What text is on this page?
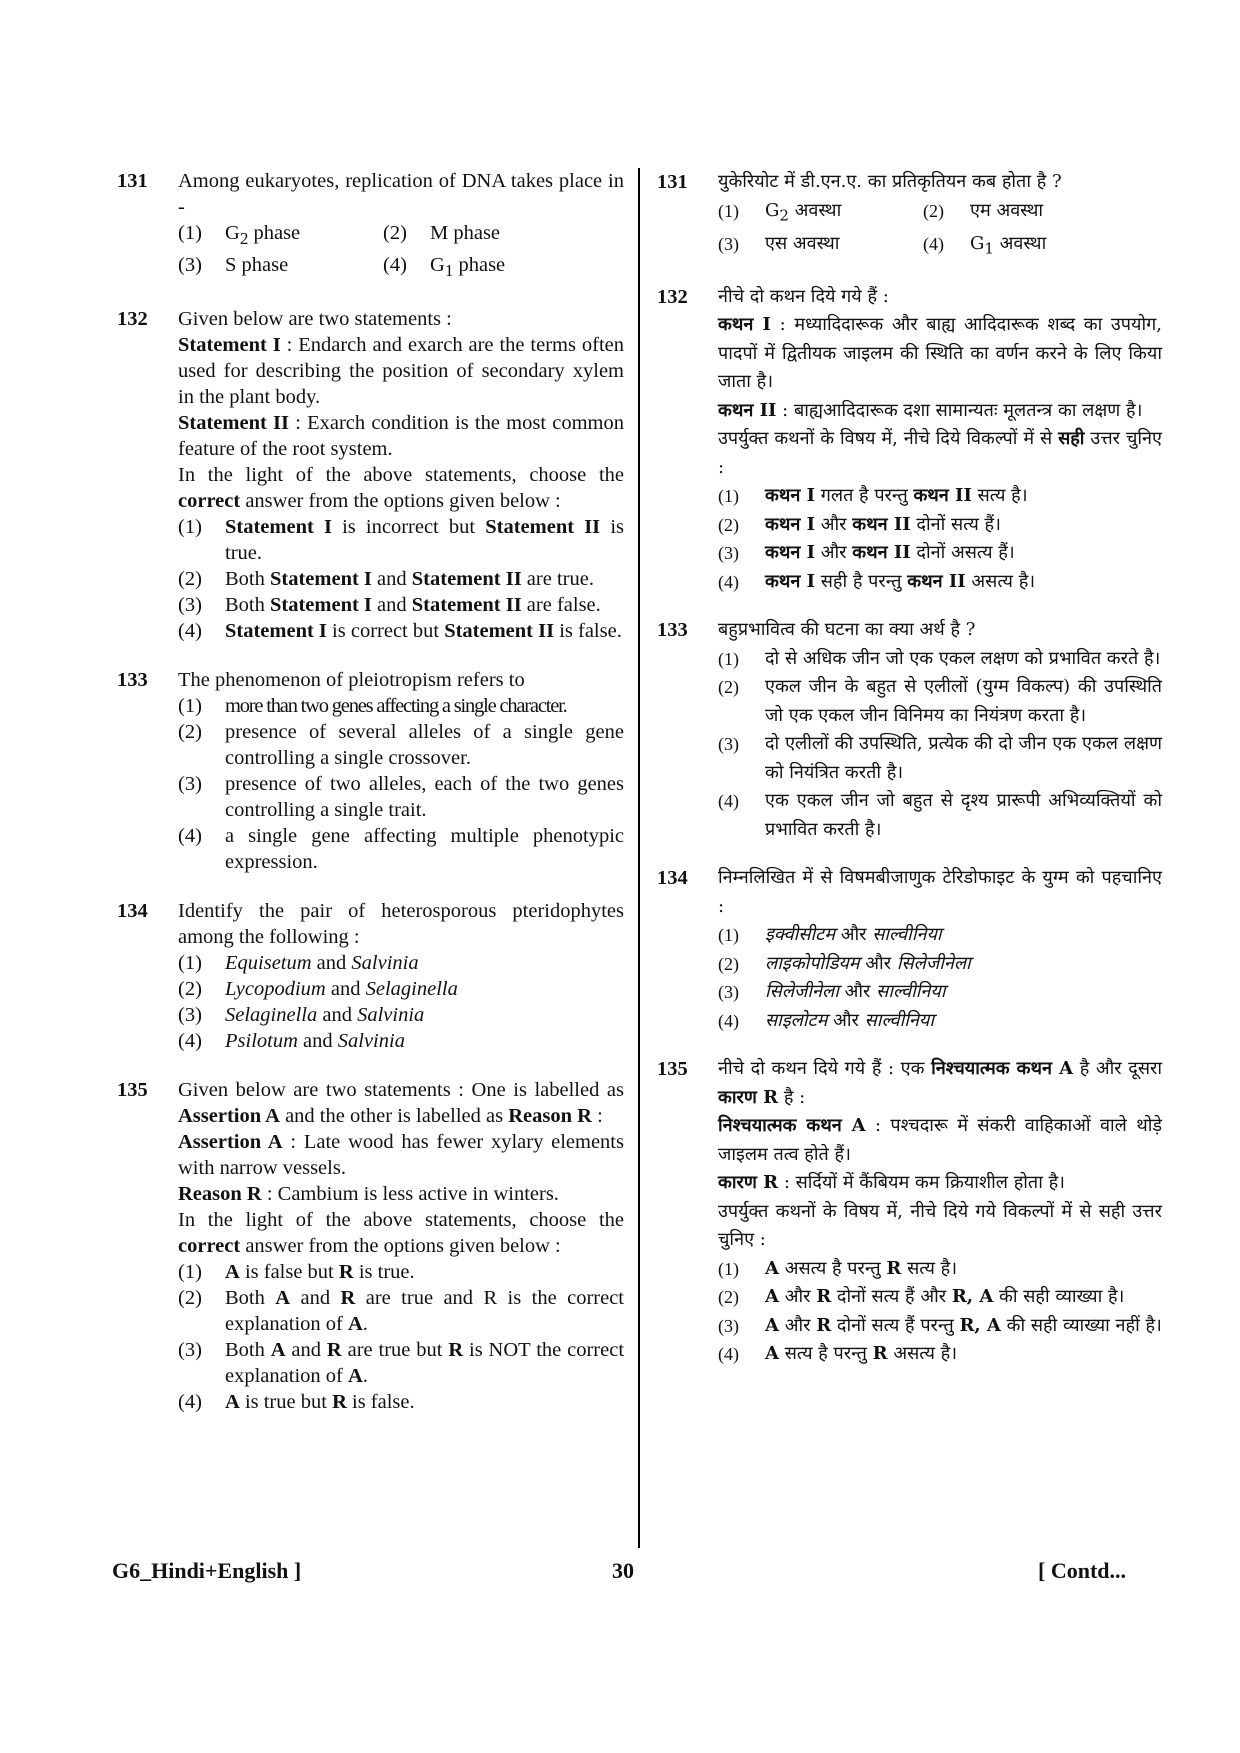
131 Among eukaryotes, replication of DNA takes place in -
(1) $G_2$ phase	(2) M phase
(3) S phase	(4) $G_1$ phase
132 Given below are two statements :
Statement I : Endarch and exarch are the terms often used for describing the position of secondary xylem in the plant body.
Statement II : Exarch condition is the most common feature of the root system.
In the light of the above statements, choose the correct answer from the options given below :
(1) Statement I is incorrect but Statement II is true.
(2) Both Statement I and Statement II are true.
(3) Both Statement I and Statement II are false.
(4) Statement I is correct but Statement II is false.
133 The phenomenon of pleiotropism refers to
(1) more than two genes affecting a single character.
(2) presence of several alleles of a single gene controlling a single crossover.
(3) presence of two alleles, each of the two genes controlling a single trait.
(4) a single gene affecting multiple phenotypic expression.
134 Identify the pair of heterosporous pteridophytes among the following :
(1) Equisetum and Salvinia
(2) Lycopodium and Selaginella
(3) Selaginella and Salvinia
(4) Psilotum and Salvinia
135 Given below are two statements : One is labelled as Assertion A and the other is labelled as Reason R :
Assertion A : Late wood has fewer xylary elements with narrow vessels.
Reason R : Cambium is less active in winters.
In the light of the above statements, choose the correct answer from the options given below :
(1) A is false but R is true.
(2) Both A and R are true and R is the correct explanation of A.
(3) Both A and R are true but R is NOT the correct explanation of A.
(4) A is true but R is false.
131 युकेरियोट में डी.एन.ए. का प्रतिकृतियन कब होता है ?
(1) $G_2$ अवस्था	(2) एम अवस्था
(3) एस अवस्था	(4) $G_1$ अवस्था
132 नीचे दो कथन दिये गये हैं :
कथन I : मध्यादिदारूक और बाह्य आदिदारूक शब्द का उपयोग, पादपों में द्वितीयक जाइलम की स्थिति का वर्णन करने के लिए किया जाता है।
कथन II : बाह्यआदिदारूक दशा सामान्यतः मूलतन्त्र का लक्षण है।
उपर्युक्त कथनों के विषय में, नीचे दिये विकल्पों में से सही उत्तर चुनिए :
(1) कथन I गलत है परन्तु कथन II सत्य है।
(2) कथन I और कथन II दोनों सत्य हैं।
(3) कथन I और कथन II दोनों असत्य हैं।
(4) कथन I सही है परन्तु कथन II असत्य है।
133 बहुप्रभावित्व की घटना का क्या अर्थ है ?
(1) दो से अधिक जीन जो एक एकल लक्षण को प्रभावित करते है।
(2) एकल जीन के बहुत से एलीलों (युग्म विकल्प) की उपस्थिति जो एक एकल जीन विनिमय का नियंत्रण करता है।
(3) दो एलीलों की उपस्थिति, प्रत्येक की दो जीन एक एकल लक्षण को नियंत्रित करती है।
(4) एक एकल जीन जो बहुत से दृश्य प्रारूपी अभिव्यक्तियों को प्रभावित करती है।
134 निम्नलिखित में से विषमबीजाणुक टेरिडोफाइट के युग्म को पहचानिए :
(1) इक्वीसीटम और साल्वीनिया
(2) लाइकोपोडियम और सिलेजीनेला
(3) सिलेजीनेला और साल्वीनिया
(4) साइलोटम और साल्वीनिया
135 नीचे दो कथन दिये गये हैं : एक निश्चयात्मक कथन A है और दूसरा कारण R है :
निश्चयात्मक कथन A : पश्चदारू में संकरी वाहिकाओं वाले थोड़े जाइलम तत्व होते हैं।
कारण R : सर्दियों में कैंबियम कम क्रियाशील होता है।
उपर्युक्त कथनों के विषय में, नीचे दिये गये विकल्पों में से सही उत्तर चुनिए :
(1) A असत्य है परन्तु R सत्य है।
(2) A और R दोनों सत्य हैं और R, A की सही व्याख्या है।
(3) A और R दोनों सत्य हैं परन्तु R, A की सही व्याख्या नहीं है।
(4) A सत्य है परन्तु R असत्य है।
G6_Hindi+English ]	30	[ Contd...
